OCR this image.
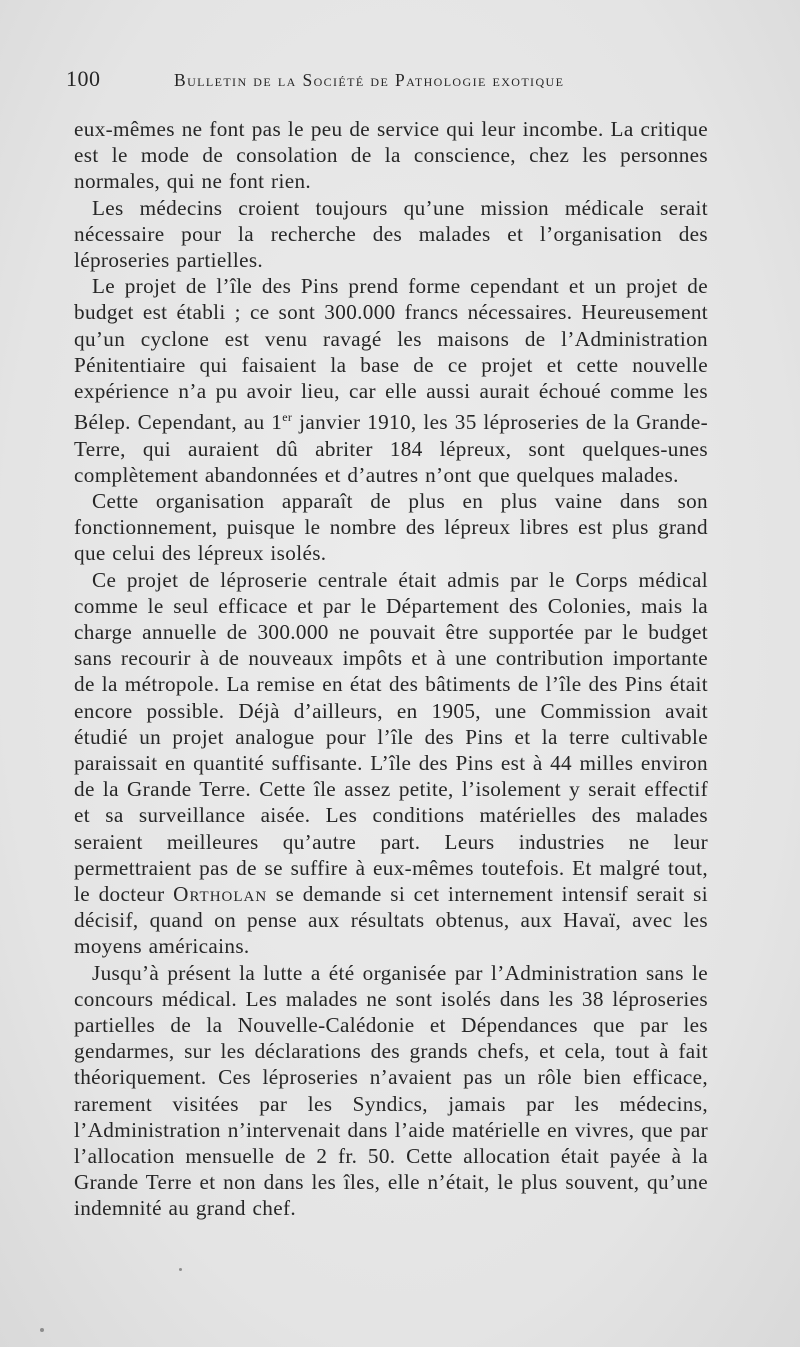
100	Bulletin de la Société de Pathologie exotique

eux-mêmes ne font pas le peu de service qui leur incombe. La critique est le mode de consolation de la conscience, chez les personnes normales, qui ne font rien.

Les médecins croient toujours qu’une mission médicale serait nécessaire pour la recherche des malades et l’organisation des léproseries partielles.

Le projet de l’île des Pins prend forme cependant et un projet de budget est établi ; ce sont 300.000 francs nécessaires. Heureusement qu’un cyclone est venu ravagé les maisons de l’Administration Pénitentiaire qui faisaient la base de ce projet et cette nouvelle expérience n’a pu avoir lieu, car elle aussi aurait échoué comme les Bélep. Cependant, au 1er janvier 1910, les 35 léproseries de la Grande-Terre, qui auraient dû abriter 184 lépreux, sont quelques-unes complètement abandonnées et d’autres n’ont que quelques malades.

Cette organisation apparaît de plus en plus vaine dans son fonctionnement, puisque le nombre des lépreux libres est plus grand que celui des lépreux isolés.

Ce projet de léproserie centrale était admis par le Corps médical comme le seul efficace et par le Département des Colonies, mais la charge annuelle de 300.000 ne pouvait être supportée par le budget sans recourir à de nouveaux impôts et à une contribution importante de la métropole. La remise en état des bâtiments de l’île des Pins était encore possible. Déjà d’ailleurs, en 1905, une Commission avait étudié un projet analogue pour l’île des Pins et la terre cultivable paraissait en quantité suffisante. L’île des Pins est à 44 milles environ de la Grande Terre. Cette île assez petite, l’isolement y serait effectif et sa surveillance aisée. Les conditions matérielles des malades seraient meilleures qu’autre part. Leurs industries ne leur permettraient pas de se suffire à eux-mêmes toutefois. Et malgré tout, le docteur Ortholan se demande si cet internement intensif serait si décisif, quand on pense aux résultats obtenus, aux Havaï, avec les moyens américains.

Jusqu’à présent la lutte a été organisée par l’Administration sans le concours médical. Les malades ne sont isolés dans les 38 léproseries partielles de la Nouvelle-Calédonie et Dépendances que par les gendarmes, sur les déclarations des grands chefs, et cela, tout à fait théoriquement. Ces léproseries n’avaient pas un rôle bien efficace, rarement visitées par les Syndics, jamais par les médecins, l’Administration n’intervenait dans l’aide matérielle en vivres, que par l’allocation mensuelle de 2 fr. 50. Cette allocation était payée à la Grande Terre et non dans les îles, elle n’était, le plus souvent, qu’une indemnité au grand chef.
